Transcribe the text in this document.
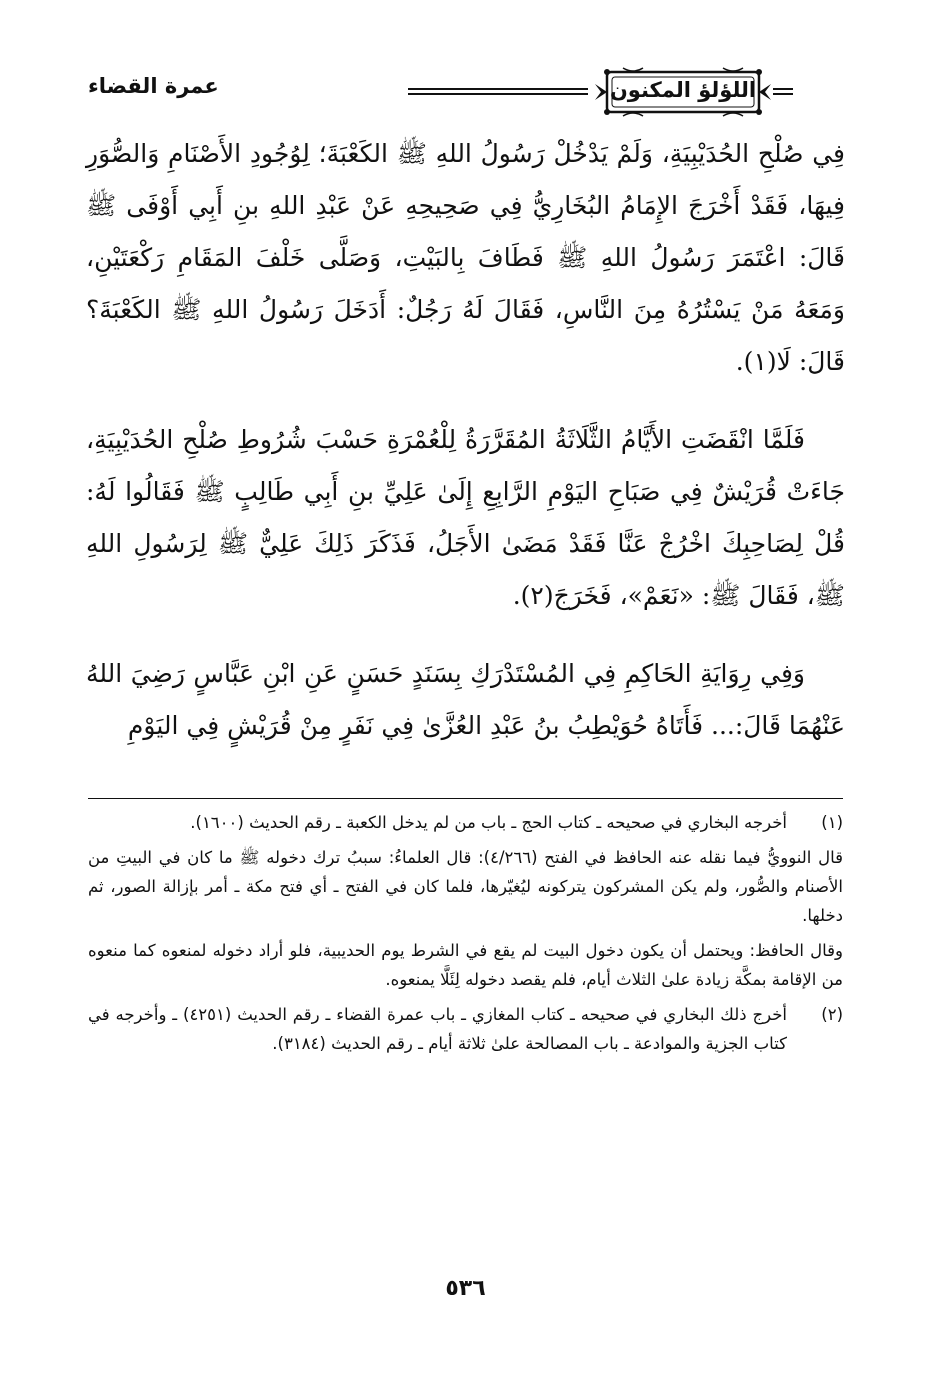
اللؤلؤ المكنون
عمرة القضاء

فِي صُلْحِ الحُدَيْبِيَةِ، وَلَمْ يَدْخُلْ رَسُولُ اللهِ ﷺ الكَعْبَةَ؛ لِوُجُودِ الأَصْنَامِ وَالصُّوَرِ فِيهَا، فَقَدْ أَخْرَجَ الإِمَامُ البُخَارِيُّ فِي صَحِيحِهِ عَنْ عَبْدِ اللهِ بنِ أَبِي أَوْفَى ﷺ قَالَ: اعْتَمَرَ رَسُولُ اللهِ ﷺ فَطَافَ بِالبَيْتِ، وَصَلَّى خَلْفَ المَقَامِ رَكْعَتَيْنِ، وَمَعَهُ مَنْ يَسْتُرُهُ مِنَ النَّاسِ، فَقَالَ لَهُ رَجُلٌ: أَدَخَلَ رَسُولُ اللهِ ﷺ الكَعْبَةَ؟ قَالَ: لَا(١).

فَلَمَّا انْقَضَتِ الأَيَّامُ الثَّلَاثَةُ المُقَرَّرَةُ لِلْعُمْرَةِ حَسْبَ شُرُوطِ صُلْحِ الحُدَيْبِيَةِ، جَاءَتْ قُرَيْشٌ فِي صَبَاحِ اليَوْمِ الرَّابِعِ إِلَىٰ عَلِيِّ بنِ أَبِي طَالِبٍ ﷺ فَقَالُوا لَهُ: قُلْ لِصَاحِبِكَ اخْرُجْ عَنَّا فَقَدْ مَضَىٰ الأَجَلُ، فَذَكَرَ ذَلِكَ عَلِيٌّ ﷺ لِرَسُولِ اللهِ ﷺ، فَقَالَ ﷺ: «نَعَمْ»، فَخَرَجَ(٢).

وَفِي رِوَايَةِ الحَاكِمِ فِي المُسْتَدْرَكِ بِسَنَدٍ حَسَنٍ عَنِ ابْنِ عَبَّاسٍ رَضِيَ اللهُ عَنْهُمَا قَالَ:... فَأَتَاهُ حُوَيْطِبُ بنُ عَبْدِ العُزَّىٰ فِي نَفَرٍ مِنْ قُرَيْشٍ فِي اليَوْمِ

(١)
أخرجه البخاري في صحيحه ـ كتاب الحج ـ باب من لم يدخل الكعبة ـ رقم الحديث (١٦٠٠).
قال النوويُّ فيما نقله عنه الحافظ في الفتح (٤/٢٦٦): قال العلماءُ: سببُ ترك دخوله ﷺ ما كان في البيتِ من الأصنام والصُّور، ولم يكن المشركون يتركونه ليُغيّرها، فلما كان في الفتح ـ أي فتح مكة ـ أمر بإزالة الصور، ثم دخلها.
وقال الحافظ: ويحتمل أن يكون دخول البيت لم يقع في الشرط يوم الحديبية، فلو أراد دخوله لمنعوه كما منعوه من الإقامة بمكَّة زيادة علىٰ الثلاث أيام، فلم يقصد دخوله لِئَلَّا يمنعوه.
(٢)
أخرج ذلك البخاري في صحيحه ـ كتاب المغازي ـ باب عمرة القضاء ـ رقم الحديث (٤٢٥١) ـ وأخرجه في كتاب الجزية والموادعة ـ باب المصالحة علىٰ ثلاثة أيام ـ رقم الحديث (٣١٨٤).
٥٣٦
